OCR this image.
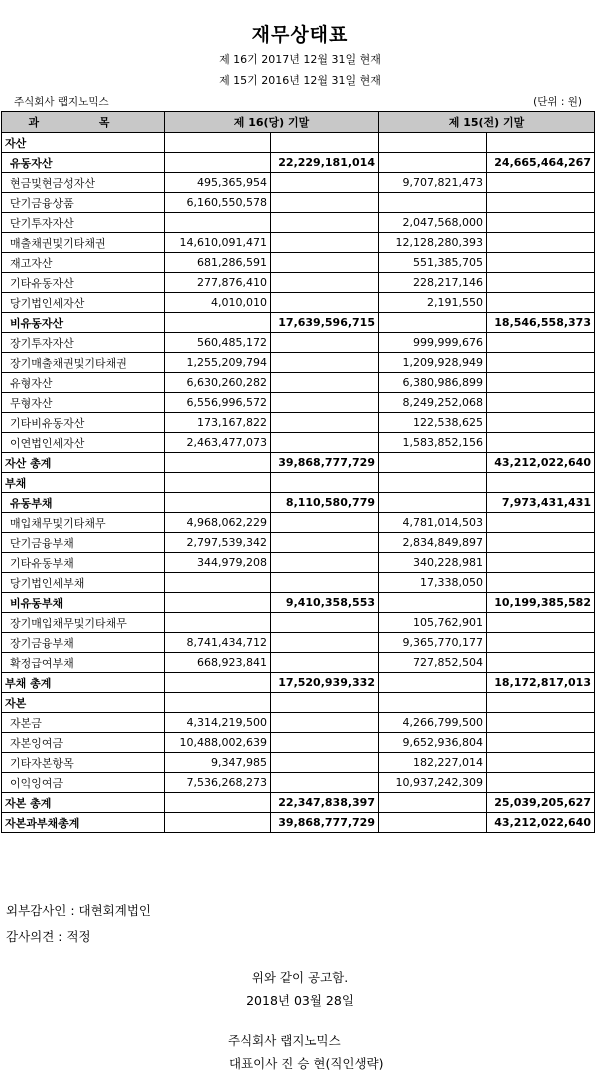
재무상태표
제 16기 2017년 12월 31일 현재
제 15기 2016년 12월 31일 현재
주식회사 랩지노믹스	(단위 : 원)
과 목	제 16(당) 기말		제 15(전) 기말	
자산				
유동자산		22,229,181,014		24,665,464,267
현금및현금성자산	495,365,954		9,707,821,473	
단기금융상품	6,160,550,578			
단기투자자산			2,047,568,000	
매출채권및기타채권	14,610,091,471		12,128,280,393	
재고자산	681,286,591		551,385,705	
기타유동자산	277,876,410		228,217,146	
당기법인세자산	4,010,010		2,191,550	
비유동자산		17,639,596,715		18,546,558,373
장기투자자산	560,485,172		999,999,676	
장기매출채권및기타채권	1,255,209,794		1,209,928,949	
유형자산	6,630,260,282		6,380,986,899	
무형자산	6,556,996,572		8,249,252,068	
기타비유동자산	173,167,822		122,538,625	
이연법인세자산	2,463,477,073		1,583,852,156	
자산 총계		39,868,777,729		43,212,022,640
부채				
유동부채		8,110,580,779		7,973,431,431
매입채무및기타채무	4,968,062,229		4,781,014,503	
단기금융부채	2,797,539,342		2,834,849,897	
기타유동부채	344,979,208		340,228,981	
당기법인세부채			17,338,050	
비유동부채		9,410,358,553		10,199,385,582
장기매입채무및기타채무			105,762,901	
장기금융부채	8,741,434,712		9,365,770,177	
확정급여부채	668,923,841		727,852,504	
부채 총계		17,520,939,332		18,172,817,013
자본				
자본금	4,314,219,500		4,266,799,500	
자본잉여금	10,488,002,639		9,652,936,804	
기타자본항목	9,347,985		182,227,014	
이익잉여금	7,536,268,273		10,937,242,309	
자본 총계		22,347,838,397		25,039,205,627
자본과부채총계		39,868,777,729		43,212,022,640
외부감사인 : 대현회계법인
감사의견 : 적정
위와 같이 공고함.
2018년 03월 28일
주식회사 랩지노믹스
대표이사 진 승 현(직인생략)
